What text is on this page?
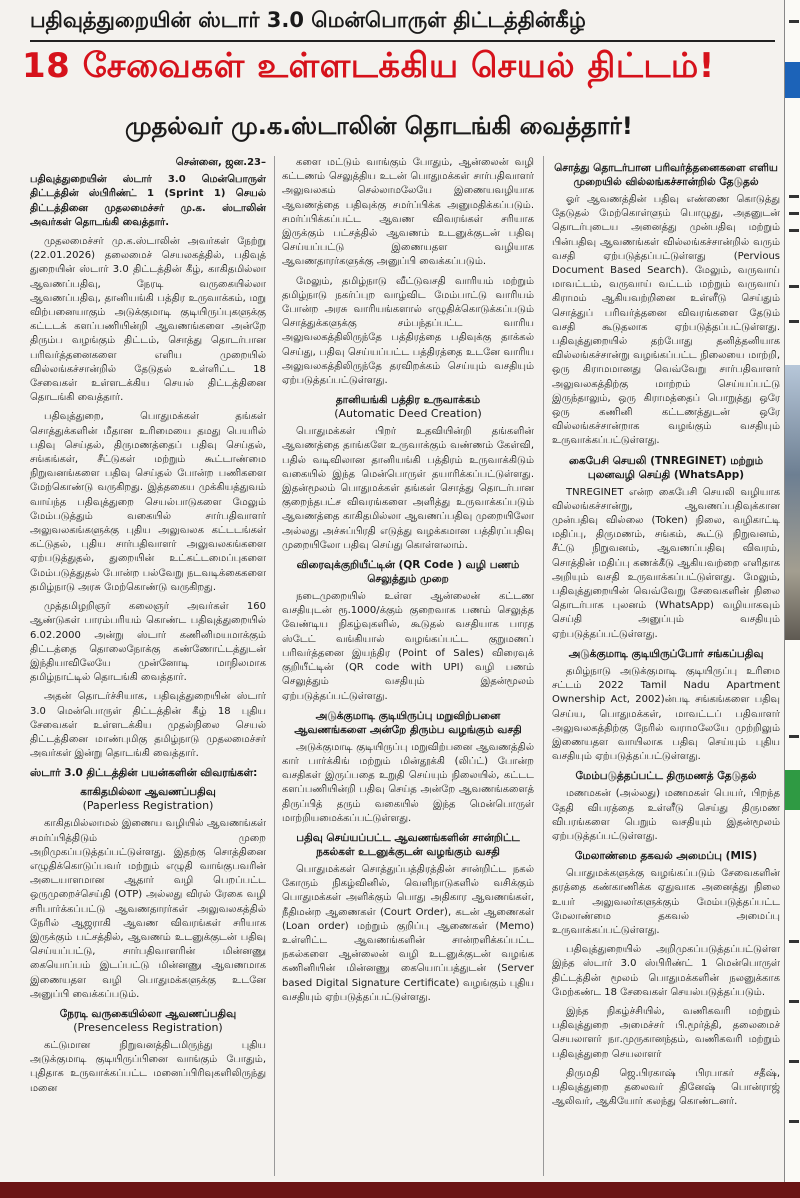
பதிவுத்துறையின் ஸ்டார் 3.0 மென்பொருள் திட்டத்தின்கீழ்
18 சேவைகள் உள்ளடக்கிய செயல் திட்டம்!
முதல்வர் மு.க.ஸ்டாலின் தொடங்கி வைத்தார்!

சென்னை, ஜன.23–

பதிவுத்துறையின் ஸ்டார் 3.0 மென்பொருள் திட்டத்தின் ஸ்பிரிண்ட் 1 (Sprint 1) செயல் திட்டத்தினை முதலமைச்சர் மு.க. ஸ்டாலின் அவர்கள் தொடங்கி வைத்தார்.

முதலமைச்சர் மு.க.ஸ்டாலின் அவர்கள் நேற்று (22.01.2026) தலைமைச் செயலகத்தில், பதிவுத் துறையின் ஸ்டார் 3.0 திட்டத்தின் கீழ், காகிதமில்லா ஆவணப்பதிவு, நேரடி வருகையில்லா ஆவணப்பதிவு, தானியங்கி பத்திர உருவாக்கம், மறு விற்பனையாகும் அடுக்குமாடி குடியிருப்புகளுக்கு கட்டடக் களப்பணியின்றி ஆவணங்களை அன்றே திரும்ப வழங்கும் திட்டம், சொத்து தொடர்பான பரிவர்த்தனைகளை எளிய முறையில் வில்லங்கச்சான்றில் தேடுதல் உள்ளிட்ட 18 சேவைகள் உள்ளடக்கிய செயல் திட்டத்தினை தொடங்கி வைத்தார்.

பதிவுத்துறை, பொதுமக்கள் தங்கள் சொத்துக்களின் மீதான உரிமையை தமது பெயரில் பதிவு செய்தல், திருமணத்தைப் பதிவு செய்தல், சங்கங்கள், சீட்டுகள் மற்றும் கூட்டாண்மை நிறுவனங்களை பதிவு செய்தல் போன்ற பணிகளை மேற்கொண்டு வருகிறது. இத்தகைய முக்கியத்துவம் வாய்ந்த பதிவுத்துறை செயல்பாடுகளை மேலும் மேம்படுத்தும் வகையில் சார்பதிவாளர் அலுவலகங்களுக்கு புதிய அலுவலக கட்டடங்கள் கட்டுதல், புதிய சார்பதிவாளர் அலுவலகங்களை ஏற்படுத்துதல், துறையின் உட்கட்டமைப்புகளை மேம்படுத்துதல் போன்ற பல்வேறு நடவடிக்கைகளை தமிழ்நாடு அரசு மேற்கொண்டு வருகிறது.

முத்தமிழறிஞர் கலைஞர் அவர்கள் 160 ஆண்டுகள் பாரம்பரியம் கொண்ட பதிவுத்துறையில் 6.02.2000 அன்று ஸ்டார் கணினிமயமாக்கும் திட்டத்தை தொலைநோக்கு கண்ணோட்டத்துடன் இந்தியாவிலேயே முன்னோடி மாநிலமாக தமிழ்நாட்டில் தொடங்கி வைத்தார்.

அதன் தொடர்ச்சியாக, பதிவுத்துறையின் ஸ்டார் 3.0 மென்பொருள் திட்டத்தின் கீழ் 18 புதிய சேவைகள் உள்ளடக்கிய முதல்நிலை செயல் திட்டத்தினை மாண்புமிகு தமிழ்நாடு முதலமைச்சர் அவர்கள் இன்று தொடங்கி வைத்தார்.

ஸ்டார் 3.0 திட்டத்தின் பயன்களின் விவரங்கள்:
காகிதமில்லா ஆவணப்பதிவு
(Paperless Registration)

காகிதமில்லாமல் இணைய வழியில் ஆவணங்கள் சமர்ப்பித்திடும் முறை அறிமுகப்படுத்தப்பட்டுள்ளது. இதற்கு சொத்தினை எழுதிக்கொடுப்பவர் மற்றும் எழுதி வாங்குபவரின் அடையாளமான ஆதார் வழி பெறப்பட்ட ஒருமுறைச்செய்தி (OTP) அல்லது விரல் ரேகை வழி சரிபார்க்கப்பட்டு ஆவணதாரர்கள் அலுவலகத்தில் நேரில் ஆஜராகி ஆவண விவரங்கள் சரியாக இருக்கும் பட்சத்தில், ஆவணம் உடனுக்குடன் பதிவு செய்யப்பட்டு, சார்பதிவாளரின் மின்னணு கையொப்பம் இடப்பட்டு மின்னணு ஆவணமாக இணையதள வழி பொதுமக்களுக்கு உடனே அனுப்பி வைக்கப்படும்.

நேரடி வருகையில்லா ஆவணப்பதிவு
(Presenceless Registration)

கட்டுமான நிறுவனத்திடமிருந்து புதிய அடுக்குமாடி குடியிருப்பினை வாங்கும் போதும், புதிதாக உருவாக்கப்பட்ட மனைப்பிரிவுகளிலிருந்து மனை

களை மட்டும் வாங்கும் போதும், ஆன்லைன் வழி கட்டணம் செலுத்திய உடன் பொதுமக்கள் சார்பதிவாளர் அலுவலகம் செல்லாமலேயே இணையவழியாக ஆவணத்தை பதிவுக்கு சமர்ப்பிக்க அனுமதிக்கப்படும். சமர்ப்பிக்கப்பட்ட ஆவண விவரங்கள் சரியாக இருக்கும் பட்சத்தில் ஆவணம் உடனுக்குடன் பதிவு செய்யப்பட்டு இணையதள வழியாக ஆவணதாரர்களுக்கு அனுப்பி வைக்கப்படும்.

மேலும், தமிழ்நாடு வீட்டுவசதி வாரியம் மற்றும் தமிழ்நாடு நகர்ப்புற வாழ்விட மேம்பாட்டு வாரியம் போன்ற அரசு வாரியங்களால் எழுதிக்கொடுக்கப்படும் சொத்துக்களுக்கு சம்பந்தப்பட்ட வாரிய அலுவலகத்திலிருந்தே பத்திரத்தை பதிவுக்கு தாக்கல் செய்து, பதிவு செய்யப்பட்ட பத்திரத்தை உடனே வாரிய அலுவலகத்திலிருந்தே தரவிறக்கம் செய்யும் வசதியும் ஏற்படுத்தப்பட்டுள்ளது.

தானியங்கி பத்திர உருவாக்கம்
(Automatic Deed Creation)

பொதுமக்கள் பிறர் உதவியின்றி தங்களின் ஆவணத்தை தாங்களே உருவாக்கும் வண்ணம் கேள்வி, பதில் வடிவிலான தானியங்கி பத்திரம் உருவாக்கிடும் வகையில் இந்த மென்பொருள் தயாரிக்கப்பட்டுள்ளது. இதன்மூலம் பொதுமக்கள் தங்கள் சொத்து தொடர்பான குறைந்தபட்ச விவரங்களை அளித்து உருவாக்கப்படும் ஆவணத்தை காகிதமில்லா ஆவணப்பதிவு முறையிலோ அல்லது அச்சுப்பிரதி எடுத்து வழக்கமான பத்திரப்பதிவு முறையிலோ பதிவு செய்து கொள்ளலாம்.

விரைவுக்குறியீட்டின் (QR Code ) வழி பணம் செலுத்தும் முறை

நடைமுறையில் உள்ள ஆன்லைன் கட்டண வசதியுடன் ரூ.1000/க்கும் குறைவாக பணம் செலுத்த வேண்டிய நிகழ்வுகளில், கூடுதல் வசதியாக பாரத ஸ்டேட் வங்கியால் வழங்கப்பட்ட குறுமணப் பரிவர்த்தனை இயந்திர (Point of Sales) விரைவுக் குறியீட்டின் (QR code with UPI) வழி பணம் செலுத்தும் வசதியும் இதன்மூலம் ஏற்படுத்தப்பட்டுள்ளது.

அடுக்குமாடி குடியிருப்பு மறுவிற்பனை ஆவணங்களை அன்றே திரும்ப வழங்கும் வசதி

அடுக்குமாடி குடியிருப்பு மறுவிற்பனை ஆவணத்தில் கார் பார்க்கிங் மற்றும் மின்தூக்கி (லிப்ட்) போன்ற வசதிகள் இருப்பதை உறுதி செய்யும் நிலையில், கட்டட களப்பணியின்றி பதிவு செய்த அன்றே ஆவணங்களைத் திருப்பித் தரும் வகையில் இந்த மென்பொருள் மாற்றியமைக்கப்பட்டுள்ளது.

பதிவு செய்யப்பட்ட ஆவணங்களின் சான்றிட்ட நகல்கள் உடனுக்குடன் வழங்கும் வசதி

பொதுமக்கள் சொத்துப்பத்திரத்தின் சான்றிட்ட நகல் கோரும் நிகழ்வினில், வெளிநாடுகளில் வசிக்கும் பொதுமக்கள் அளிக்கும் பொது அதிகார ஆவணங்கள், நீதிமன்ற ஆணைகள் (Court Order), கடன் ஆணைகள் (Loan order) மற்றும் குறிப்பு ஆணைகள் (Memo) உள்ளிட்ட ஆவணங்களின் சான்றளிக்கப்பட்ட நகல்களை ஆன்லைன் வழி உடனுக்குடன் வழங்க கணினியின் மின்னணு கையொப்பத்துடன் (Server based Digital Signature Certificate) வழங்கும் புதிய வசதியும் ஏற்படுத்தப்பட்டுள்ளது.

சொத்து தொடர்பான பரிவர்த்தனைகளை எளிய முறையில் வில்லங்கச்சான்றில் தேடுதல்

ஓர் ஆவணத்தின் பதிவு எண்ணை கொடுத்து தேடுதல் மேற்கொள்ளும் பொழுது, அதனுடன் தொடர்புடைய அனைத்து முன்பதிவு மற்றும் பின்பதிவு ஆவணங்கள் வில்லங்கச்சான்றில் வரும் வசதி ஏற்படுத்தப்பட்டுள்ளது (Pervious Document Based Search). மேலும், வருவாய் மாவட்டம், வருவாய் வட்டம் மற்றும் வருவாய் கிராமம் ஆகியவற்றினை உள்ளீடு செய்தும் சொத்துப் பரிவர்த்தனை விவரங்களை தேடும் வசதி கூடுதலாக ஏற்படுத்தப்பட்டுள்ளது. பதிவுத்துறையில் தற்போது தனித்தனியாக வில்லங்கச்சான்று வழங்கப்பட்ட நிலையை மாற்றி, ஒரு கிராமமானது வெவ்வேறு சார்பதிவாளர் அலுவலகத்திற்கு மாற்றம் செய்யப்பட்டு இருந்தாலும், ஒரு கிராமத்தைப் பொறுத்து ஒரே ஒரு கணினி கட்டணத்துடன் ஒரே வில்லங்கச்சான்றாக வழங்கும் வசதியும் உருவாக்கப்பட்டுள்ளது.

கைபேசி செயலி (TNREGINET) மற்றும் புலனவழி செய்தி (WhatsApp)

TNREGINET என்ற கைபேசி செயலி வழியாக வில்லங்கச்சான்று, ஆவணப்பதிவுக்கான முன்பதிவு வில்லை (Token) நிலை, வழிகாட்டி மதிப்பு, திருமணம், சங்கம், கூட்டு நிறுவனம், சீட்டு நிறுவனம், ஆவணப்பதிவு விவரம், சொத்தின் மதிப்பு கணக்கீடு ஆகியவற்றை எளிதாக அறியும் வசதி உருவாக்கப்பட்டுள்ளது. மேலும், பதிவுத்துறையின் வெவ்வேறு சேவைகளின் நிலை தொடர்பாக புலனம் (WhatsApp) வழியாகவும் செய்தி அனுப்பும் வசதியும் ஏற்படுத்தப்பட்டுள்ளது.

அடுக்குமாடி குடியிருப்போர் சங்கப்பதிவு

தமிழ்நாடு அடுக்குமாடி குடியிருப்பு உரிமை சட்டம் 2022 Tamil Nadu Apartment Ownership Act, 2002)ன்படி சங்கங்களை பதிவு செய்ய, பொதுமக்கள், மாவட்டப் பதிவாளர் அலுவலகத்திற்கு நேரில் வராமலேயே முற்றிலும் இணையதள வாயிலாக பதிவு செய்யும் புதிய வசதியும் ஏற்படுத்தப்பட்டுள்ளது.

மேம்படுத்தப்பட்ட திருமணத் தேடுதல்

மணமகன் (அல்லது) மணமகள் பெயர், பிறந்த தேதி விபரத்தை உள்ளீடு செய்து திருமண விபரங்களை பெறும் வசதியும் இதன்மூலம் ஏற்படுத்தப்பட்டுள்ளது.

மேலாண்மை தகவல் அமைப்பு (MIS)

பொதுமக்களுக்கு வழங்கப்படும் சேவைகளின் தரத்தை கண்காணிக்க ஏதுவாக அனைத்து நிலை உயர் அலுவலர்களுக்கும் மேம்படுத்தப்பட்ட மேலாண்மை தகவல் அமைப்பு உருவாக்கப்பட்டுள்ளது.

பதிவுத்துறையில் அறிமுகப்படுத்தப்பட்டுள்ள இந்த ஸ்டார் 3.0 ஸ்பிரிண்ட் 1 மென்பொருள் திட்டத்தின் மூலம் பொதுமக்களின் நலனுக்காக மேற்கண்ட 18 சேவைகள் செயல்படுத்தப்படும்.

இந்த நிகழ்ச்சியில், வணிகவரி மற்றும் பதிவுத்துறை அமைச்சர் பி.மூர்த்தி, தலைமைச் செயலாளர் நா.முருகானந்தம், வணிகவரி மற்றும் பதிவுத்துறை செயலாளர்

திருமதி ஜெ.பிரகாஷ் பிரபாகர் சதீஷ், பதிவுத்துறை தலைவர் தினேஷ் பொன்ராஜ் ஆலிவர், ஆகியோர் கலந்து கொண்டனர்.
